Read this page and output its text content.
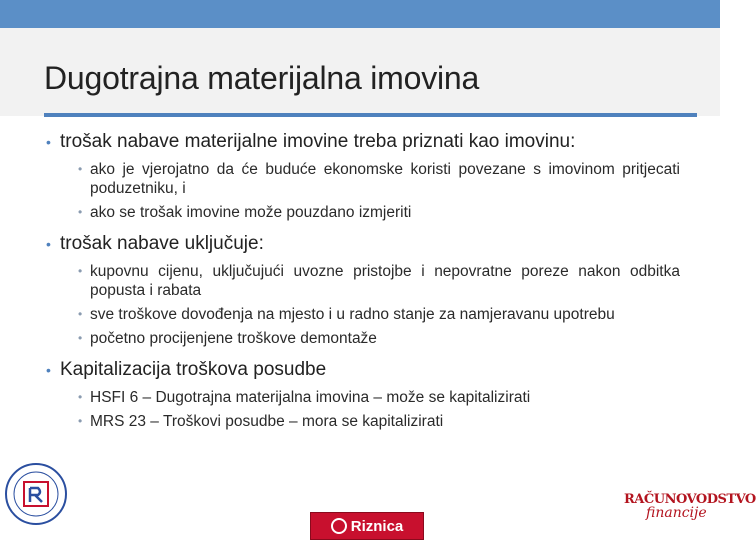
Dugotrajna materijalna imovina
• trošak nabave materijalne imovine treba priznati kao imovinu:
• ako je vjerojatno da će buduće ekonomske koristi povezane s imovinom pritjecati poduzetniku, i
• ako se trošak imovine može pouzdano izmjeriti
• trošak nabave uključuje:
• kupovnu cijenu, uključujući uvozne pristojbe i nepovratne poreze nakon odbitka popusta i rabata
• sve troškove dovođenja na mjesto i u radno stanje za namjeravanu upotrebu
• početno procijenjene troškove demontaže
• Kapitalizacija troškova posudbe
• HSFI 6 – Dugotrajna materijalna imovina – može se kapitalizirati
• MRS 23 – Troškovi posudbe – mora se kapitalizirati
Riznica
RAČUNOVODSTVO
financije
